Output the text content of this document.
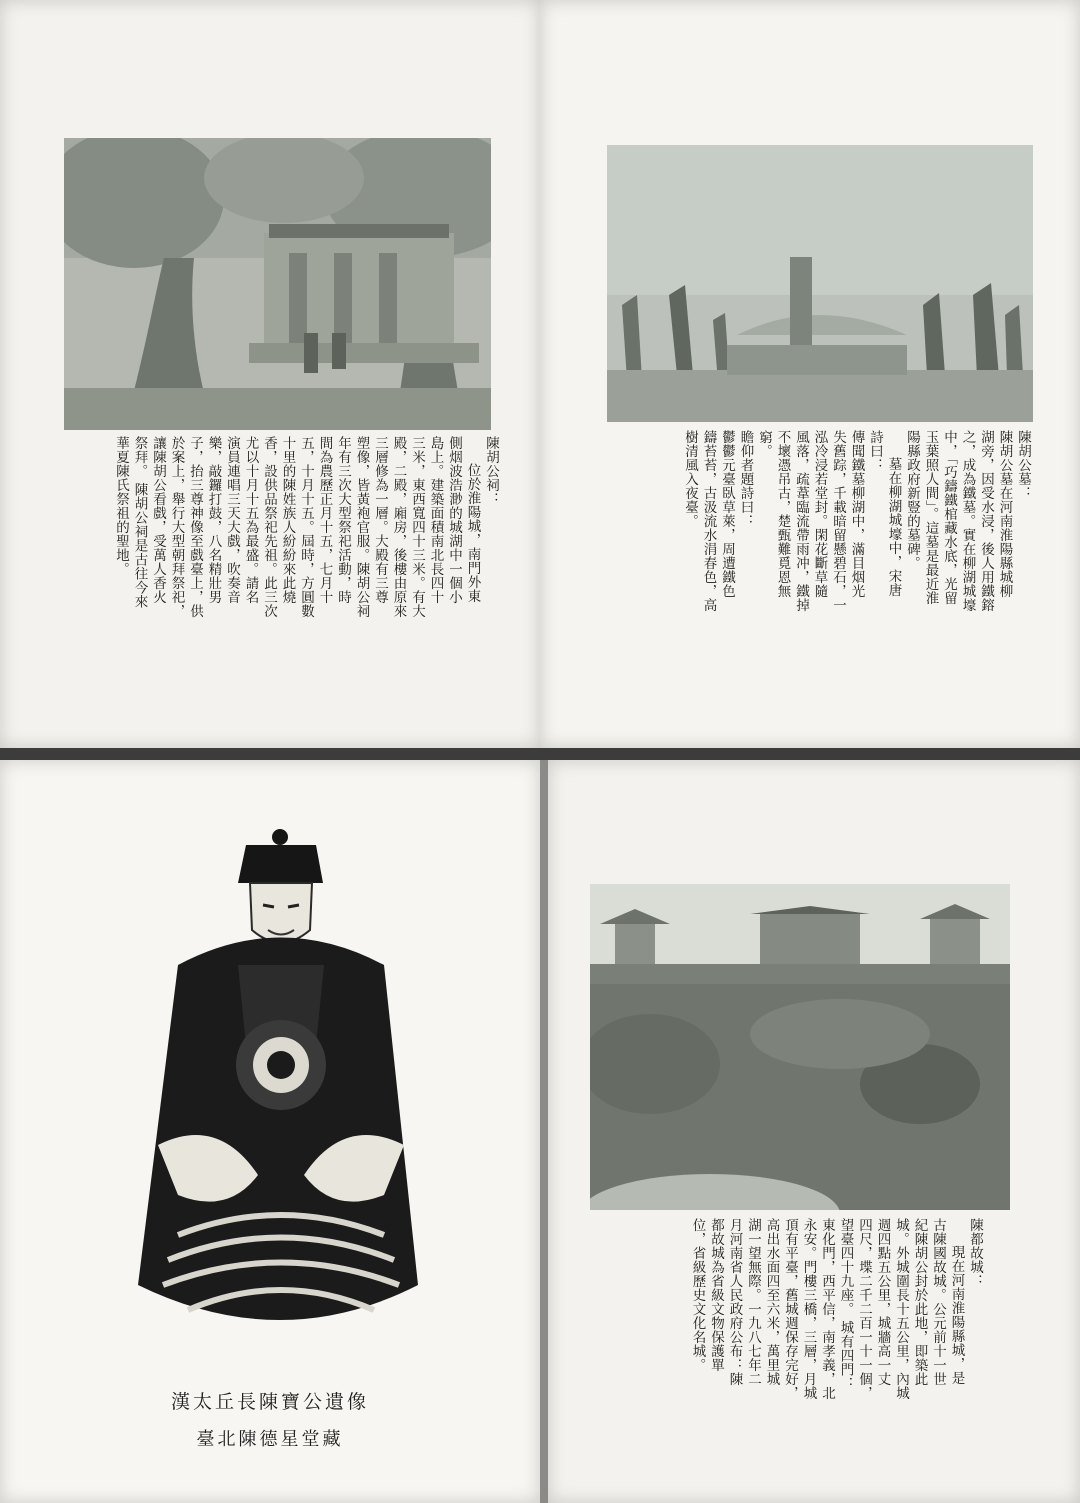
陳胡公祠：
位於淮陽城，南門外東
側烟波浩渺的城湖中一個小
島上。建築面積南北長四十
三米，東西寬四十三米。有大
殿，二殿，廂房，後樓由原來
三層修為一層。大殿有三尊
塑像，皆黃袍官服。陳胡公祠
年有三次大型祭祀活動，時
間為農歷正月十五，七月十
五，十月十五。屆時，方圓數
十里的陳姓族人紛紛來此燒
香，設供品祭祀先祖。此三次
尤以十月十五為最盛。請名
演員連唱三天大戲，吹奏音
樂，敲鑼打鼓，八名精壯男
子，抬三尊神像至戲臺上，供
於案上，舉行大型朝拜祭祀，
讓陳胡公看戲，受萬人香火
祭拜。 陳胡公祠是古往今來
華夏陳氏祭祖的聖地。	陳胡公墓：
陳胡公墓在河南淮陽縣城柳
湖旁，因受水浸，後人用鐵鎔
之，成為鐵墓。實在柳湖城壕
中，「巧鑄鐵棺藏水底，光留
玉葉照人間」。這墓是最近淮
陽縣政府新豎的墓碑。
墓在柳湖城壕中，宋唐
詩曰：
傳聞鐵墓柳湖中，滿目烟光
失舊踪，千載暗留懸碧石，一
泓冷浸若堂封。閑花斷草隨
風落，疏葦臨流帶雨冲，鐵掉
不壞憑吊古，楚甄難覓恩無
窮。
瞻仰者題詩曰：
鬱鬱元臺臥草萊，周遭鐵色
鑄苔苔，古汲流水涓春色，高
樹清風入夜臺。
漢太丘長陳寶公遺像
臺北陳德星堂藏
陳都故城：
現在河南淮陽縣城，是
古陳國故城。公元前十一世
紀陳胡公封於此地，即築此
城。外城圍長十五公里，內城
週四點五公里，城牆高一丈
四尺，堞二千二百一十一個，
望臺四十九座。 城有四門：
東化門，西平信，南孝義，北
永安。門樓三橋，三層，月城
頂有平臺，舊城週保存完好，
高出水面四至六米，萬里城
湖一望無際。一九八七年二
月河南省人民政府公布：陳
都故城為省級文物保護單
位，省級歷史文化名城。
